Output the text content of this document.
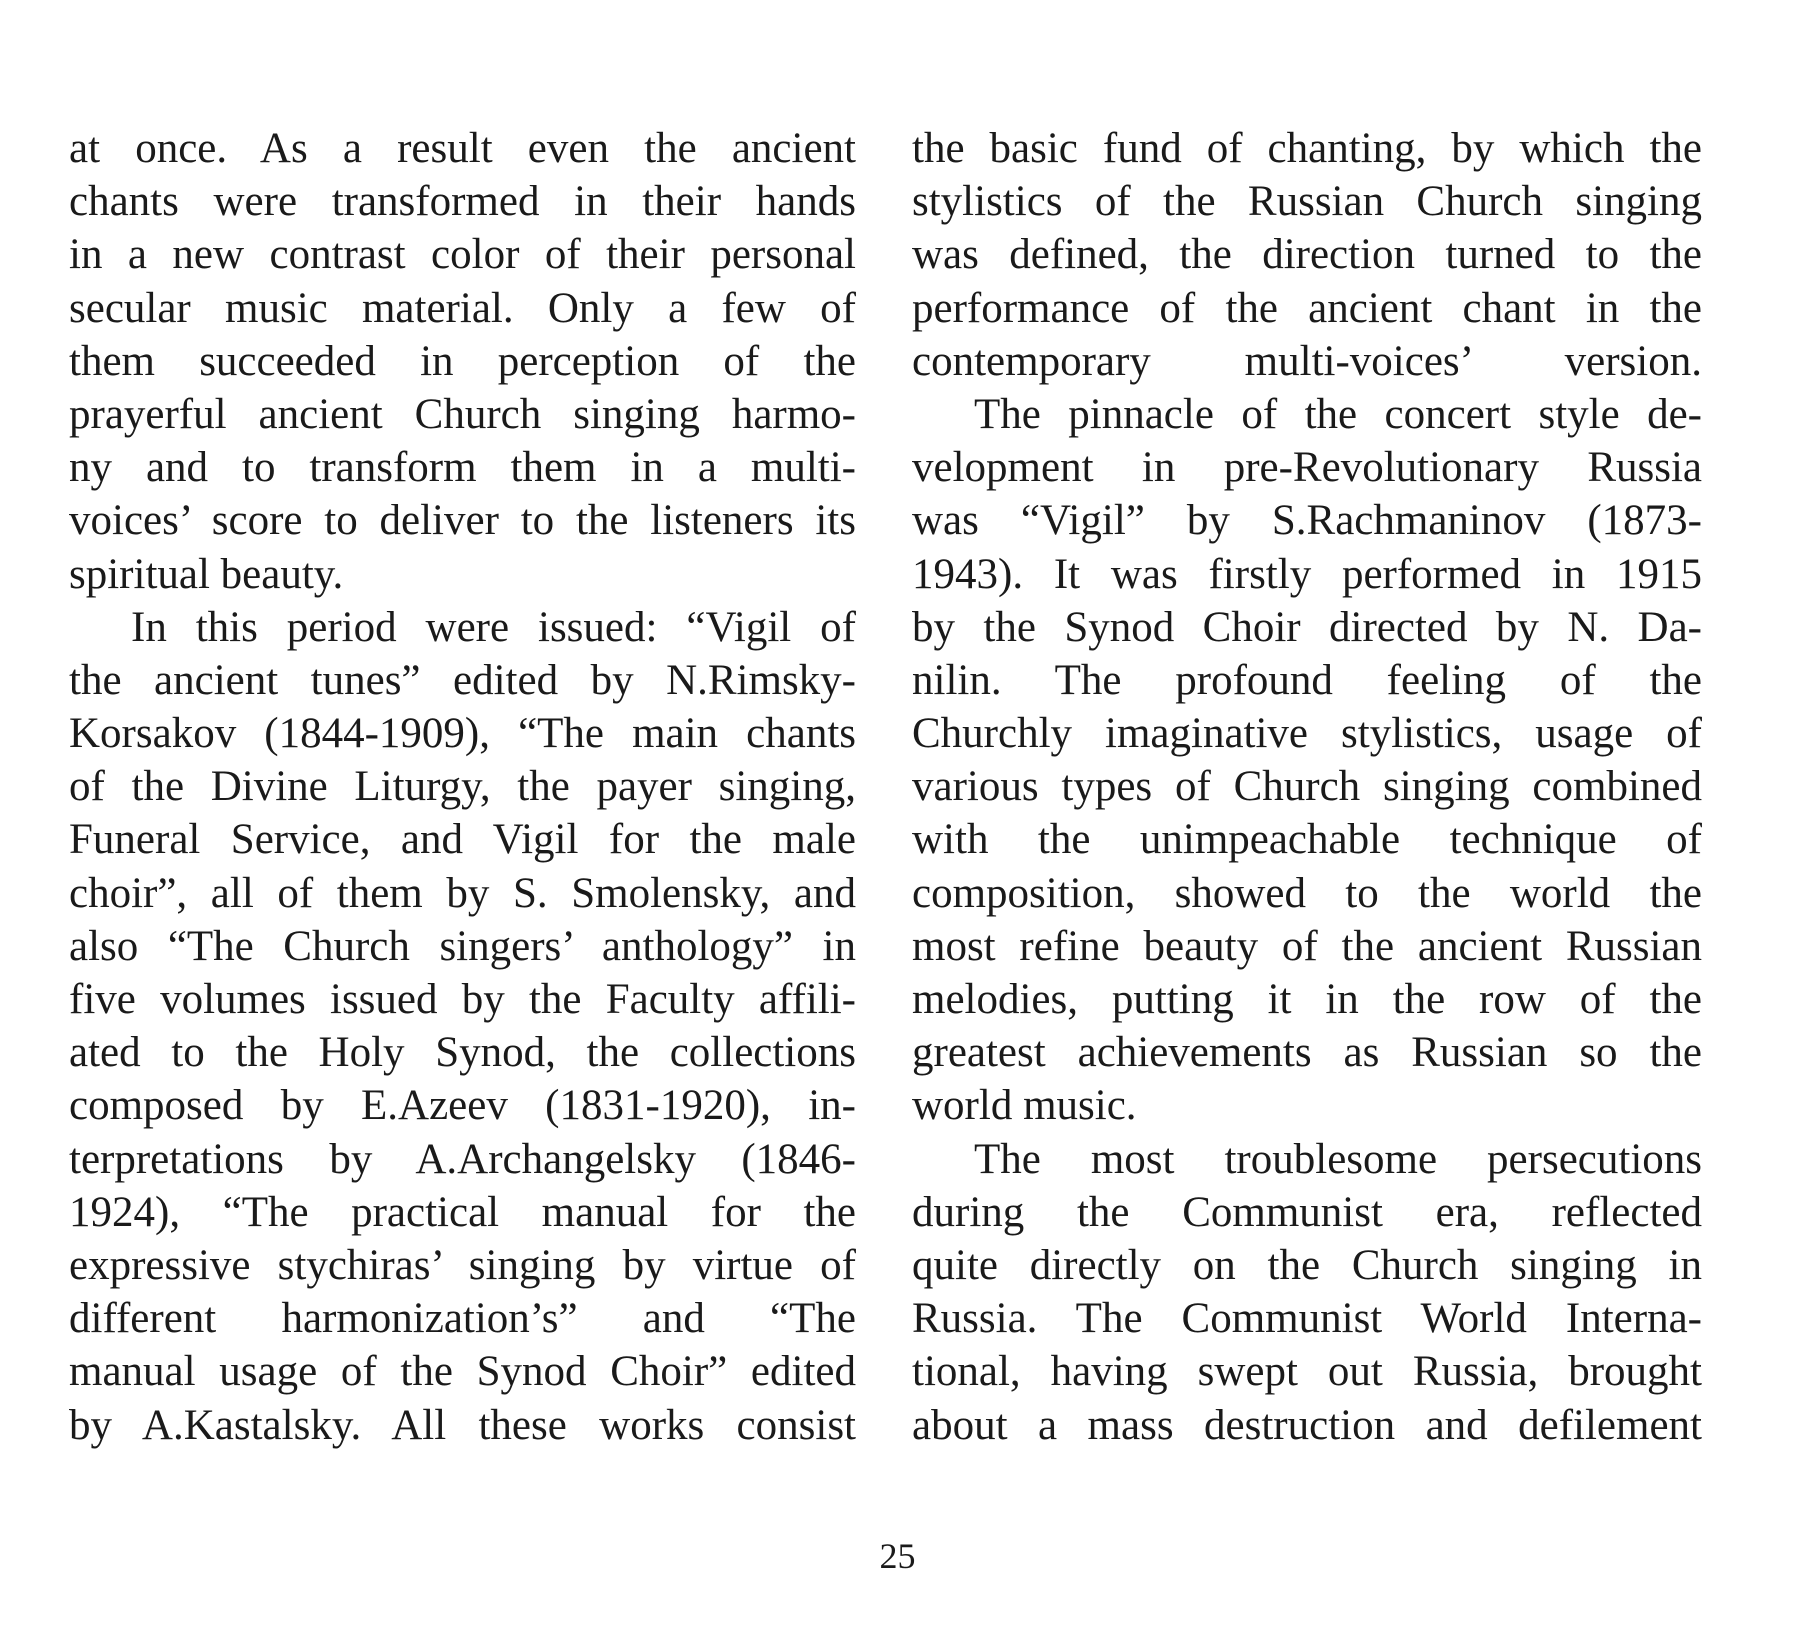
at once. As a result even the ancient
chants were transformed in their hands
in a new contrast color of their personal
secular music material. Only a few of
them succeeded in perception of the
prayerful ancient Church singing harmo-
ny and to transform them in a multi-
voices’ score to deliver to the listeners its
spiritual beauty.
In this period were issued: “Vigil of
the ancient tunes” edited by N.Rimsky-
Korsakov (1844-1909), “The main chants
of the Divine Liturgy, the payer singing,
Funeral Service, and Vigil for the male
choir”, all of them by S. Smolensky, and
also “The Church singers’ anthology” in
five volumes issued by the Faculty affili-
ated to the Holy Synod, the collections
composed by E.Azeev (1831-1920), in-
terpretations by A.Archangelsky (1846-
1924), “The practical manual for the
expressive stychiras’ singing by virtue of
different harmonization’s” and “The
manual usage of the Synod Choir” edited
by A.Kastalsky. All these works consist
the basic fund of chanting, by which the
stylistics of the Russian Church singing
was defined, the direction turned to the
performance of the ancient chant in the
contemporary multi-voices’ version.
The pinnacle of the concert style de-
velopment in pre-Revolutionary Russia
was “Vigil” by S.Rachmaninov (1873-
1943). It was firstly performed in 1915
by the Synod Choir directed by N. Da-
nilin. The profound feeling of the
Churchly imaginative stylistics, usage of
various types of Church singing combined
with the unimpeachable technique of
composition, showed to the world the
most refine beauty of the ancient Russian
melodies, putting it in the row of the
greatest achievements as Russian so the
world music.
The most troublesome persecutions
during the Communist era, reflected
quite directly on the Church singing in
Russia. The Communist World Interna-
tional, having swept out Russia, brought
about a mass destruction and defilement
25
